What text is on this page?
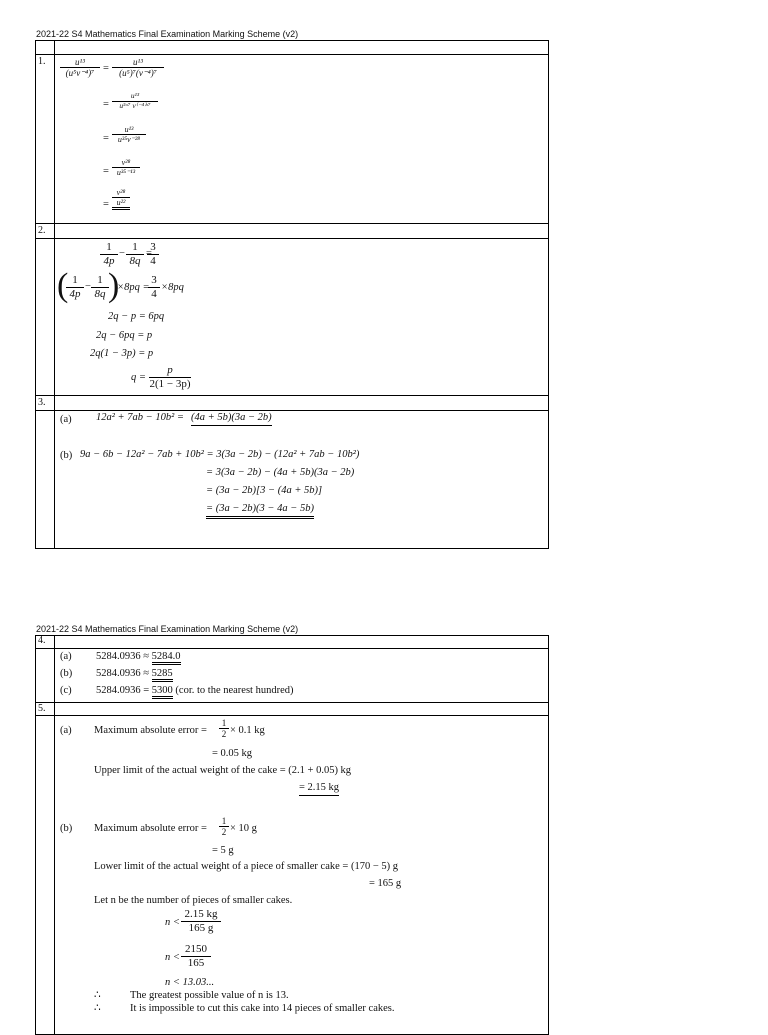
2021-22 S4 Mathematics Final Examination Marking Scheme (v2)
1. $\frac{\text{u¹³}}{\text{(u⁵v⁻⁴)⁷}} = \frac{\text{u¹³}}{\text{(u⁵)⁷(v⁻⁴)⁷}}$
= $\frac{\text{u¹³}}{\text{u⁵ˣ⁷ v⁽⁻⁴⁾ˣ⁷}}$
= $\frac{\text{u¹³}}{\text{u³⁵v⁻²⁸}}$
= $\frac{\text{v²⁸}}{\text{u³⁵⁻¹³}}$
= $\frac{\text{v²⁸}}{\text{u²²}}$
2.
$\frac{1}{4p} - \frac{1}{8q}$ =
$\frac{3}{4}$
(
$\frac{1}{4p} - \frac{1}{8q}$ )
×8pq =
$\frac{3}{4} \times 8pq$
2q − p = 6pq
2q − 6pq = p
2q(1 − 3p) = p
$q = \frac{p}{2(1 - 3p)}$
3.
(a) 12a² + 7ab − 10b² = (4a + 5b)(3a − 2b)
(b) 9a − 6b − 12a² − 7ab + 10b² = 3(3a − 2b) − (12a² + 7ab − 10b²)
= 3(3a − 2b) − (4a + 5b)(3a − 2b)
= (3a − 2b)[3 − (4a + 5b)]
= (3a − 2b)(3 − 4a − 5b)
2021-22 S4 Mathematics Final Examination Marking Scheme (v2)
4.
(a) 5284.0936 ≈ 5284.0
(b) 5284.0936 ≈ 5285
(c) 5284.0936 = 5300 (cor. to the nearest hundred)
5.
(a) Maximum absolute error = $\frac{1}{2} \times 0.1$ kg
= 0.05 kg
Upper limit of the actual weight of the cake = (2.1 + 0.05) kg
= 2.15 kg
(b) Maximum absolute error = $\frac{1}{2} \times 10$ g
= 5 g
Lower limit of the actual weight of a piece of smaller cake = (170 − 5) g
= 165 g
Let n be the number of pieces of smaller cakes.
$n < \frac{2.15 kg}{165 g}$
$n < \frac{2150}{165}$
n < 13.03...
∴	The greatest possible value of n is 13.
∴	It is impossible to cut this cake into 14 pieces of smaller cakes.
